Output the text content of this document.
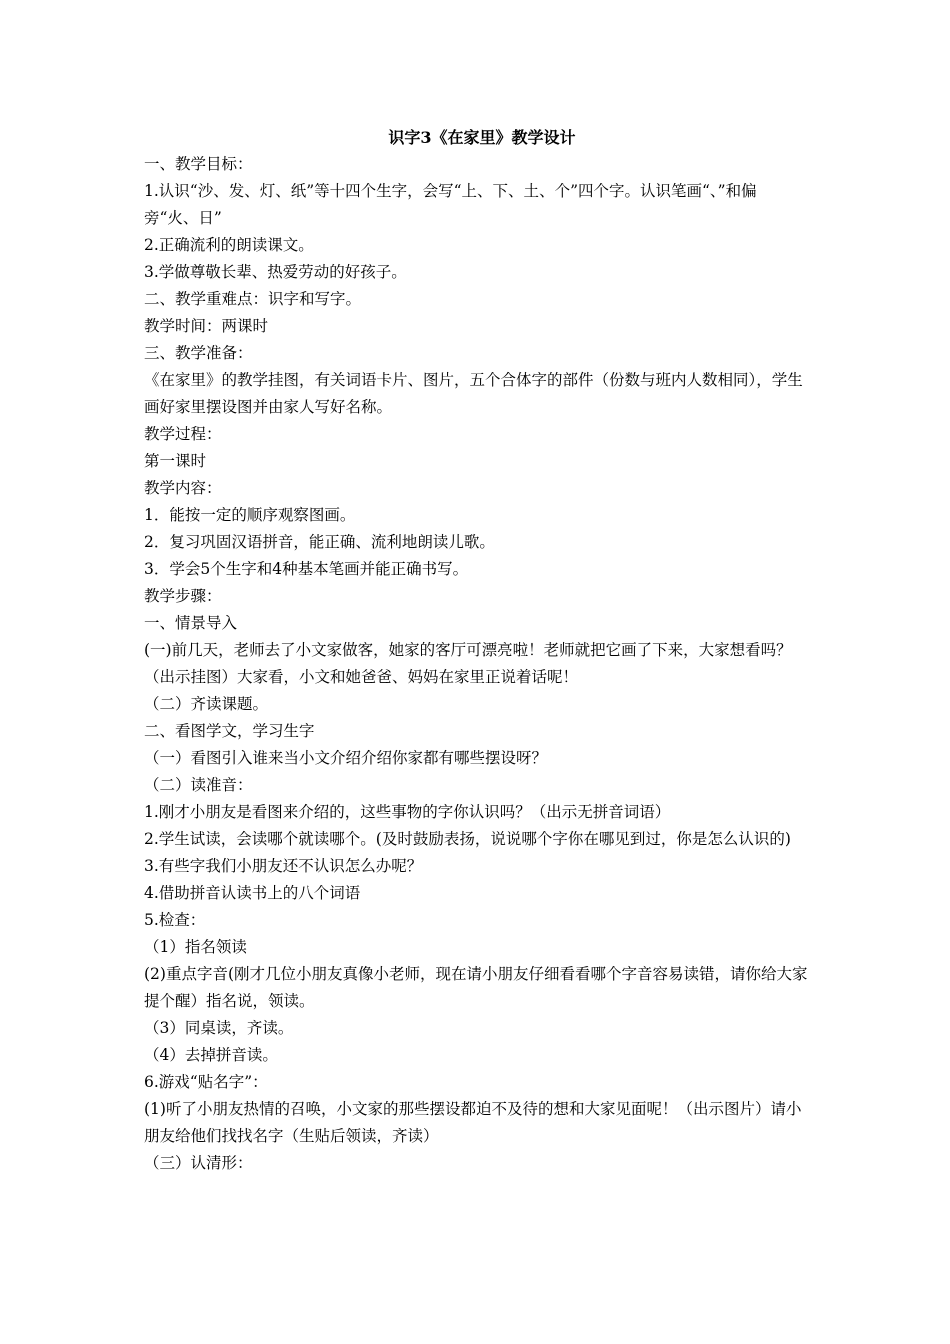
识字3《在家里》教学设计

一、教学目标：

1.认识“沙、发、灯、纸”等十四个生字，会写“上、下、土、个”四个字。认识笔画“、”和偏旁“火、日”

2.正确流利的朗读课文。

3.学做尊敬长辈、热爱劳动的好孩子。

二、教学重难点：识字和写字。

教学时间：两课时

三、教学准备：

《在家里》的教学挂图，有关词语卡片、图片，五个合体字的部件（份数与班内人数相同），学生画好家里摆设图并由家人写好名称。

教学过程：

第一课时

教学内容：

1．能按一定的顺序观察图画。

2．复习巩固汉语拼音，能正确、流利地朗读儿歌。

3．学会5个生字和4种基本笔画并能正确书写。

教学步骤：

一、情景导入

(一)前几天，老师去了小文家做客，她家的客厅可漂亮啦！老师就把它画了下来，大家想看吗？（出示挂图）大家看，小文和她爸爸、妈妈在家里正说着话呢！

（二）齐读课题。

二、看图学文，学习生字

（一）看图引入谁来当小文介绍介绍你家都有哪些摆设呀？

（二）读准音：

1.刚才小朋友是看图来介绍的，这些事物的字你认识吗？（出示无拼音词语）

2.学生试读，会读哪个就读哪个。(及时鼓励表扬，说说哪个字你在哪见到过，你是怎么认识的)

3.有些字我们小朋友还不认识怎么办呢？

4.借助拼音认读书上的八个词语

5.检查：

（1）指名领读

(2)重点字音(刚才几位小朋友真像小老师，现在请小朋友仔细看看哪个字音容易读错，请你给大家提个醒）指名说，领读。

（3）同桌读，齐读。

（4）去掉拼音读。

6.游戏“贴名字”：

(1)听了小朋友热情的召唤，小文家的那些摆设都迫不及待的想和大家见面呢！（出示图片）请小朋友给他们找找名字（生贴后领读，齐读）

（三）认清形：
